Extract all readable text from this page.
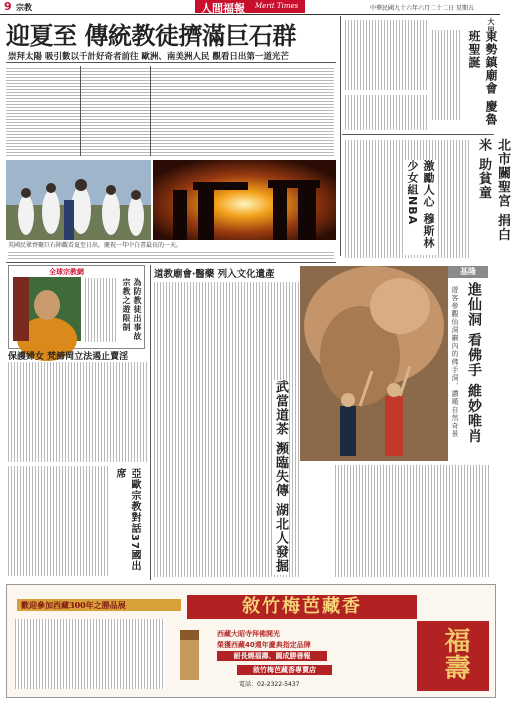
9 宗教	人間福報 Merit Times	中華民國九十六年六月二十二日 星期五
迎夏至 傳統教徒擠滿巨石群
崇拜太陽 吸引數以千計好奇者前往 歐洲、南美洲人民 觀看日出第一道光芒
英國民眾齊聚巨石陣觀看夏至日出，慶祝一年中白晝最長的一天。
大甲
東勢鎮廟會 慶魯班聖誕
北市關聖宮 捐白米 助貧童
激勵人心 穆斯林少女組NBA
全球宗教網
為防教徒出事故 宗教之遊限制
保護婦女 梵諦岡立法遏止賣淫
亞歐宗教對話37國出席
道教廟會‧醫藥 列入文化遺產
武當道茶 瀕臨失傳 湖北人發掘
基隆
進仙洞 看佛手 維妙唯肖
遊客參觀仙洞巖內的佛手洞，讚嘆自然奇景
歡迎參加西藏300年之勝品展	敘竹梅芭藏香
西藏大昭寺拜佛開光
榮獲西藏40週年慶典指定品牌
耐長燒福壽、圓成勝善報
敘竹梅芭藏香專賣店
電話：02-2322-5437
福壽
